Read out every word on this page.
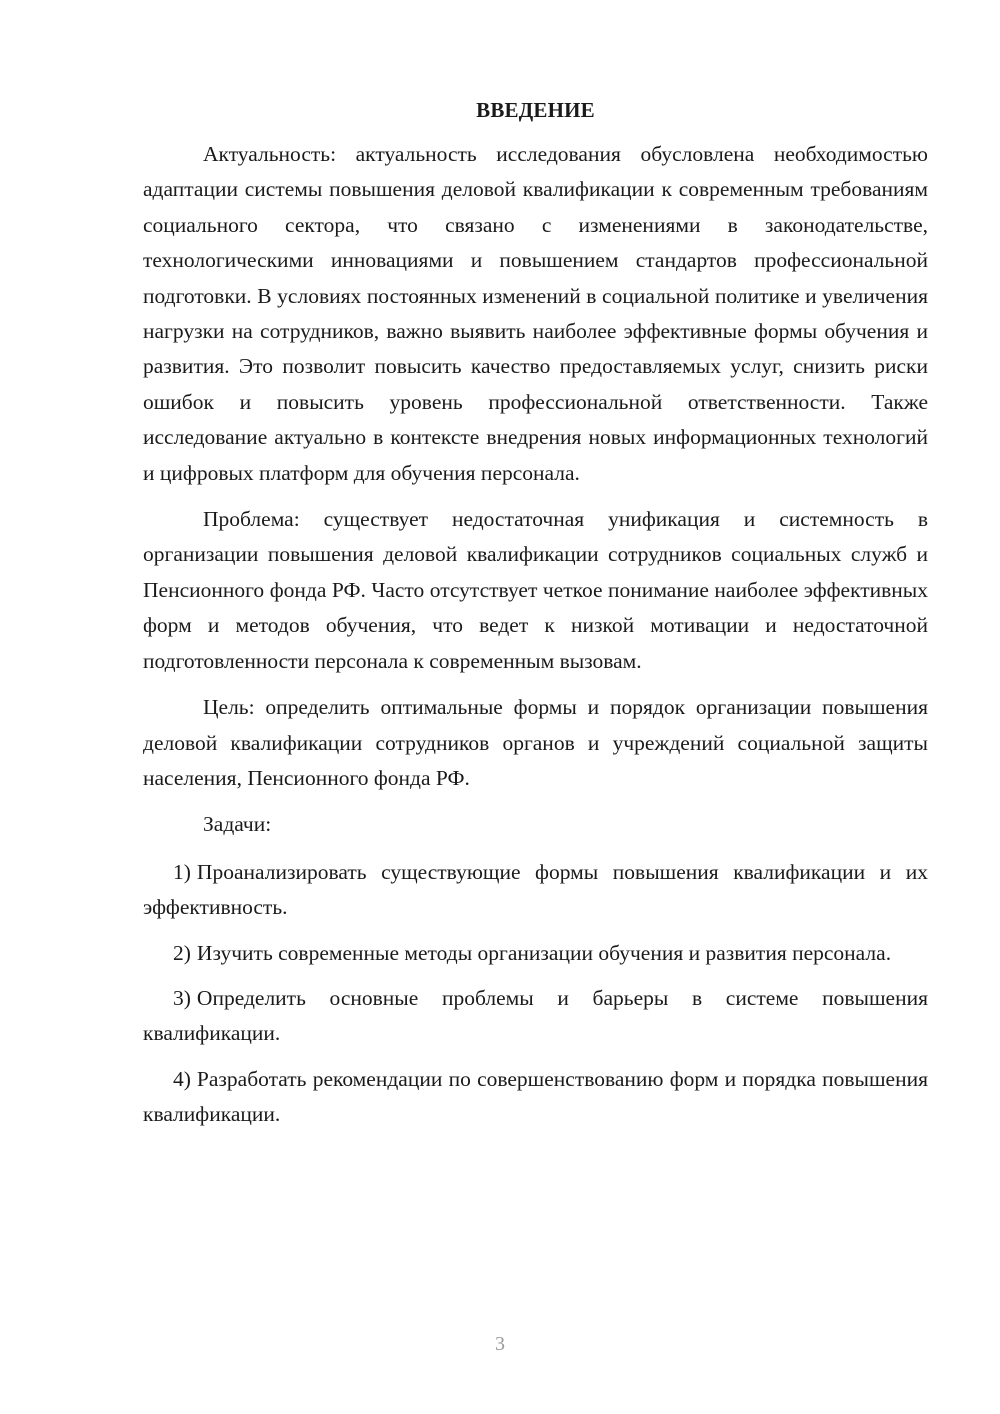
ВВЕДЕНИЕ

Актуальность: актуальность исследования обусловлена необходимостью адаптации системы повышения деловой квалификации к современным требованиям социального сектора, что связано с изменениями в законодательстве, технологическими инновациями и повышением стандартов профессиональной подготовки. В условиях постоянных изменений в социальной политике и увеличения нагрузки на сотрудников, важно выявить наиболее эффективные формы обучения и развития. Это позволит повысить качество предоставляемых услуг, снизить риски ошибок и повысить уровень профессиональной ответственности. Также исследование актуально в контексте внедрения новых информационных технологий и цифровых платформ для обучения персонала.

Проблема: существует недостаточная унификация и системность в организации повышения деловой квалификации сотрудников социальных служб и Пенсионного фонда РФ. Часто отсутствует четкое понимание наиболее эффективных форм и методов обучения, что ведет к низкой мотивации и недостаточной подготовленности персонала к современным вызовам.

Цель: определить оптимальные формы и порядок организации повышения деловой квалификации сотрудников органов и учреждений социальной защиты населения, Пенсионного фонда РФ.

Задачи:

1) Проанализировать существующие формы повышения квалификации и их эффективность.

2) Изучить современные методы организации обучения и развития персонала.

3) Определить основные проблемы и барьеры в системе повышения квалификации.

4) Разработать рекомендации по совершенствованию форм и порядка повышения квалификации.

3
